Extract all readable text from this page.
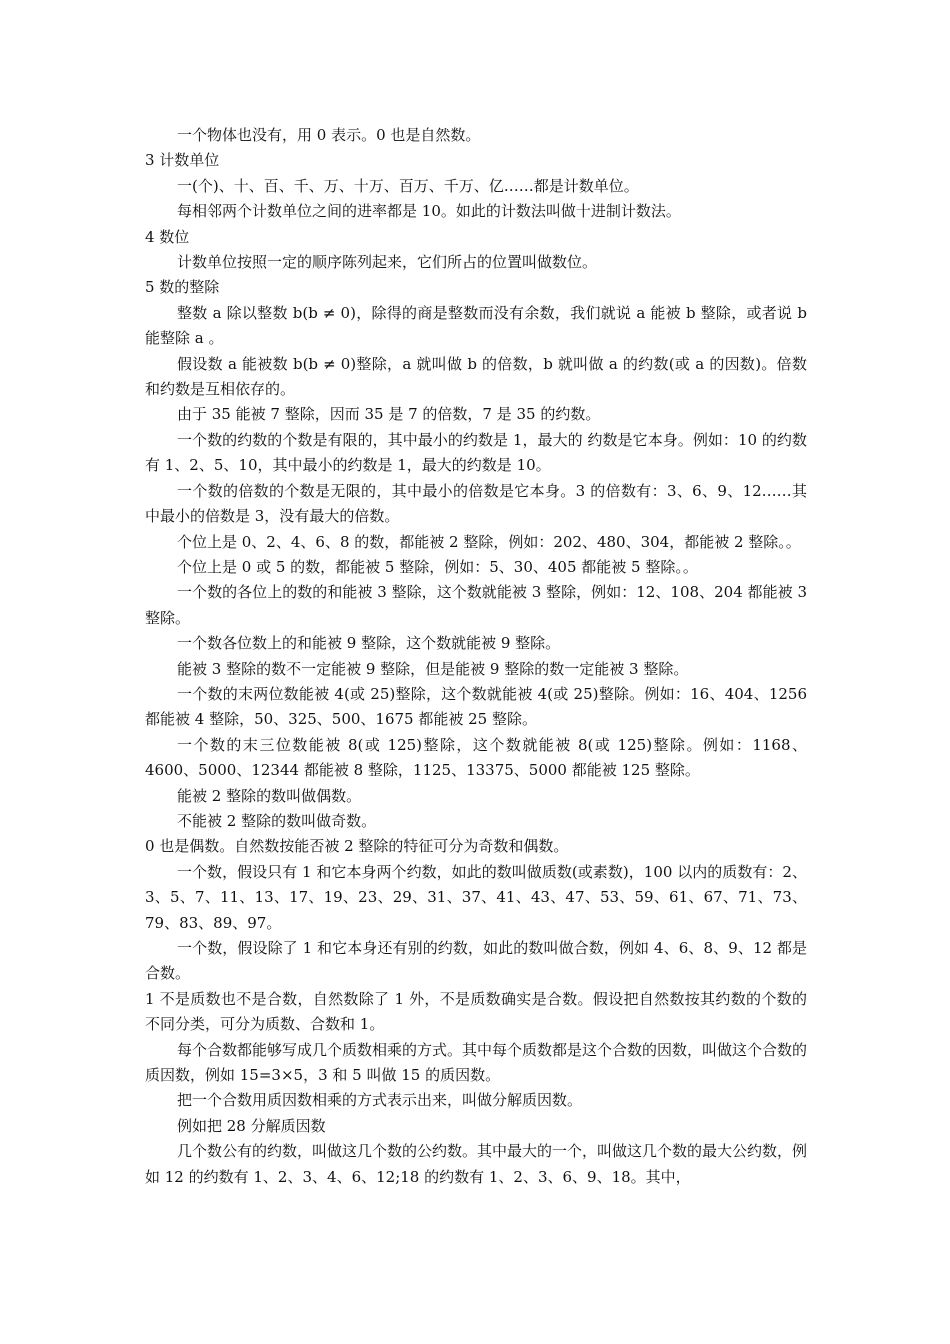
一个物体也没有，用 0 表示。0 也是自然数。

3 计数单位

一(个)、十、百、千、万、十万、百万、千万、亿……都是计数单位。

每相邻两个计数单位之间的进率都是 10。如此的计数法叫做十进制计数法。

4 数位

计数单位按照一定的顺序陈列起来，它们所占的位置叫做数位。

5 数的整除

整数 a 除以整数 b(b ≠ 0)，除得的商是整数而没有余数，我们就说 a 能被 b 整除，或者说 b 能整除 a 。

假设数 a 能被数 b(b ≠ 0)整除，a 就叫做 b 的倍数，b 就叫做 a 的约数(或 a 的因数)。倍数和约数是互相依存的。

由于 35 能被 7 整除，因而 35 是 7 的倍数，7 是 35 的约数。

一个数的约数的个数是有限的，其中最小的约数是 1，最大的 约数是它本身。例如：10 的约数有 1、2、5、10，其中最小的约数是 1，最大的约数是 10。

一个数的倍数的个数是无限的，其中最小的倍数是它本身。3 的倍数有：3、6、9、12……其中最小的倍数是 3，没有最大的倍数。

个位上是 0、2、4、6、8 的数，都能被 2 整除，例如：202、480、304，都能被 2 整除。。

个位上是 0 或 5 的数，都能被 5 整除，例如：5、30、405 都能被 5 整除。。

一个数的各位上的数的和能被 3 整除，这个数就能被 3 整除，例如：12、108、204 都能被 3 整除。

一个数各位数上的和能被 9 整除，这个数就能被 9 整除。

能被 3 整除的数不一定能被 9 整除，但是能被 9 整除的数一定能被 3 整除。

一个数的末两位数能被 4(或 25)整除，这个数就能被 4(或 25)整除。例如：16、404、1256 都能被 4 整除，50、325、500、1675 都能被 25 整除。

一个数的末三位数能被 8(或 125)整除，这个数就能被 8(或 125)整除。例如：1168、4600、5000、12344 都能被 8 整除，1125、13375、5000 都能被 125 整除。

能被 2 整除的数叫做偶数。

不能被 2 整除的数叫做奇数。

0 也是偶数。自然数按能否被 2 整除的特征可分为奇数和偶数。

一个数，假设只有 1 和它本身两个约数，如此的数叫做质数(或素数)，100 以内的质数有：2、3、5、7、11、13、17、19、23、29、31、37、41、43、47、53、59、61、67、71、73、79、83、89、97。

一个数，假设除了 1 和它本身还有别的约数，如此的数叫做合数，例如 4、6、8、9、12 都是合数。

1 不是质数也不是合数，自然数除了 1 外，不是质数确实是合数。假设把自然数按其约数的个数的不同分类，可分为质数、合数和 1。

每个合数都能够写成几个质数相乘的方式。其中每个质数都是这个合数的因数，叫做这个合数的质因数，例如 15=3×5，3 和 5 叫做 15 的质因数。

把一个合数用质因数相乘的方式表示出来，叫做分解质因数。

例如把 28 分解质因数

几个数公有的约数，叫做这几个数的公约数。其中最大的一个，叫做这几个数的最大公约数，例如 12 的约数有 1、2、3、4、6、12;18 的约数有 1、2、3、6、9、18。其中，
